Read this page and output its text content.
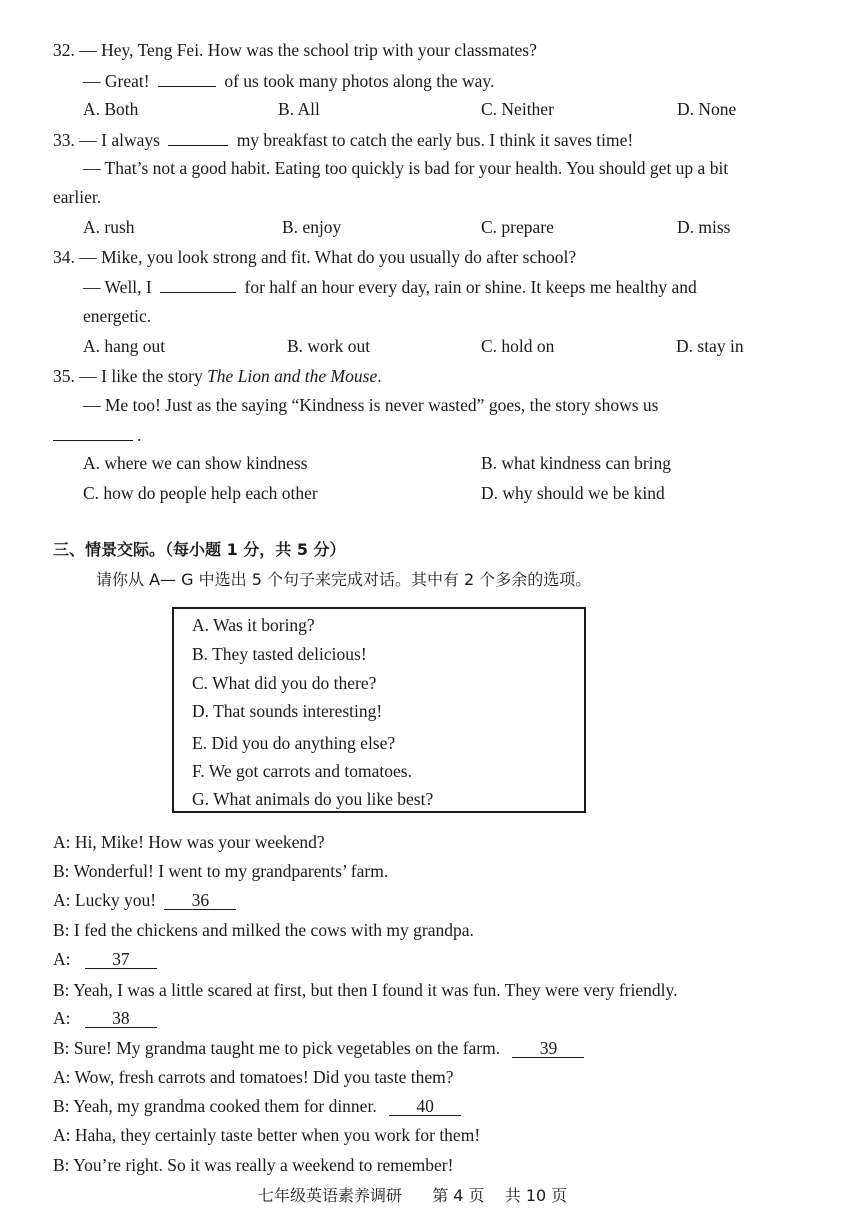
32. — Hey, Teng Fei. How was the school trip with your classmates?
— Great!	of us took many photos along the way.
A. Both	B. All	C. Neither	D. None
33. — I always	my breakfast to catch the early bus. I think it saves time!
— That’s not a good habit. Eating too quickly is bad for your health. You should get up a bit
earlier.
A. rush	B. enjoy	C. prepare	D. miss
34. — Mike, you look strong and fit. What do you usually do after school?
— Well, I	for half an hour every day, rain or shine. It keeps me healthy and
energetic.
A. hang out	B. work out	C. hold on	D. stay in
35. — I like the story The Lion and the Mouse.
— Me too! Just as the saying “Kindness is never wasted” goes, the story shows us
.
A. where we can show kindness	B. what kindness can bring
C. how do people help each other	D. why should we be kind
三、情景交际。（每小题 1 分，共 5 分）
请你从 A— G 中选出 5 个句子来完成对话。其中有 2 个多余的选项。
A. Was it boring?
B. They tasted delicious!
C. What did you do there?
D. That sounds interesting!
E. Did you do anything else?
F. We got carrots and tomatoes.
G. What animals do you like best?
A: Hi, Mike! How was your weekend?
B: Wonderful! I went to my grandparents’ farm.
A: Lucky you! 36
B: I fed the chickens and milked the cows with my grandpa.
A: 37
B: Yeah, I was a little scared at first, but then I found it was fun. They were very friendly.
A: 38
B: Sure! My grandma taught me to pick vegetables on the farm. 39
A: Wow, fresh carrots and tomatoes! Did you taste them?
B: Yeah, my grandma cooked them for dinner. 40
A: Haha, they certainly taste better when you work for them!
B: You’re right. So it was really a weekend to remember!
七年级英语素养调研 第 4 页 共 10 页
